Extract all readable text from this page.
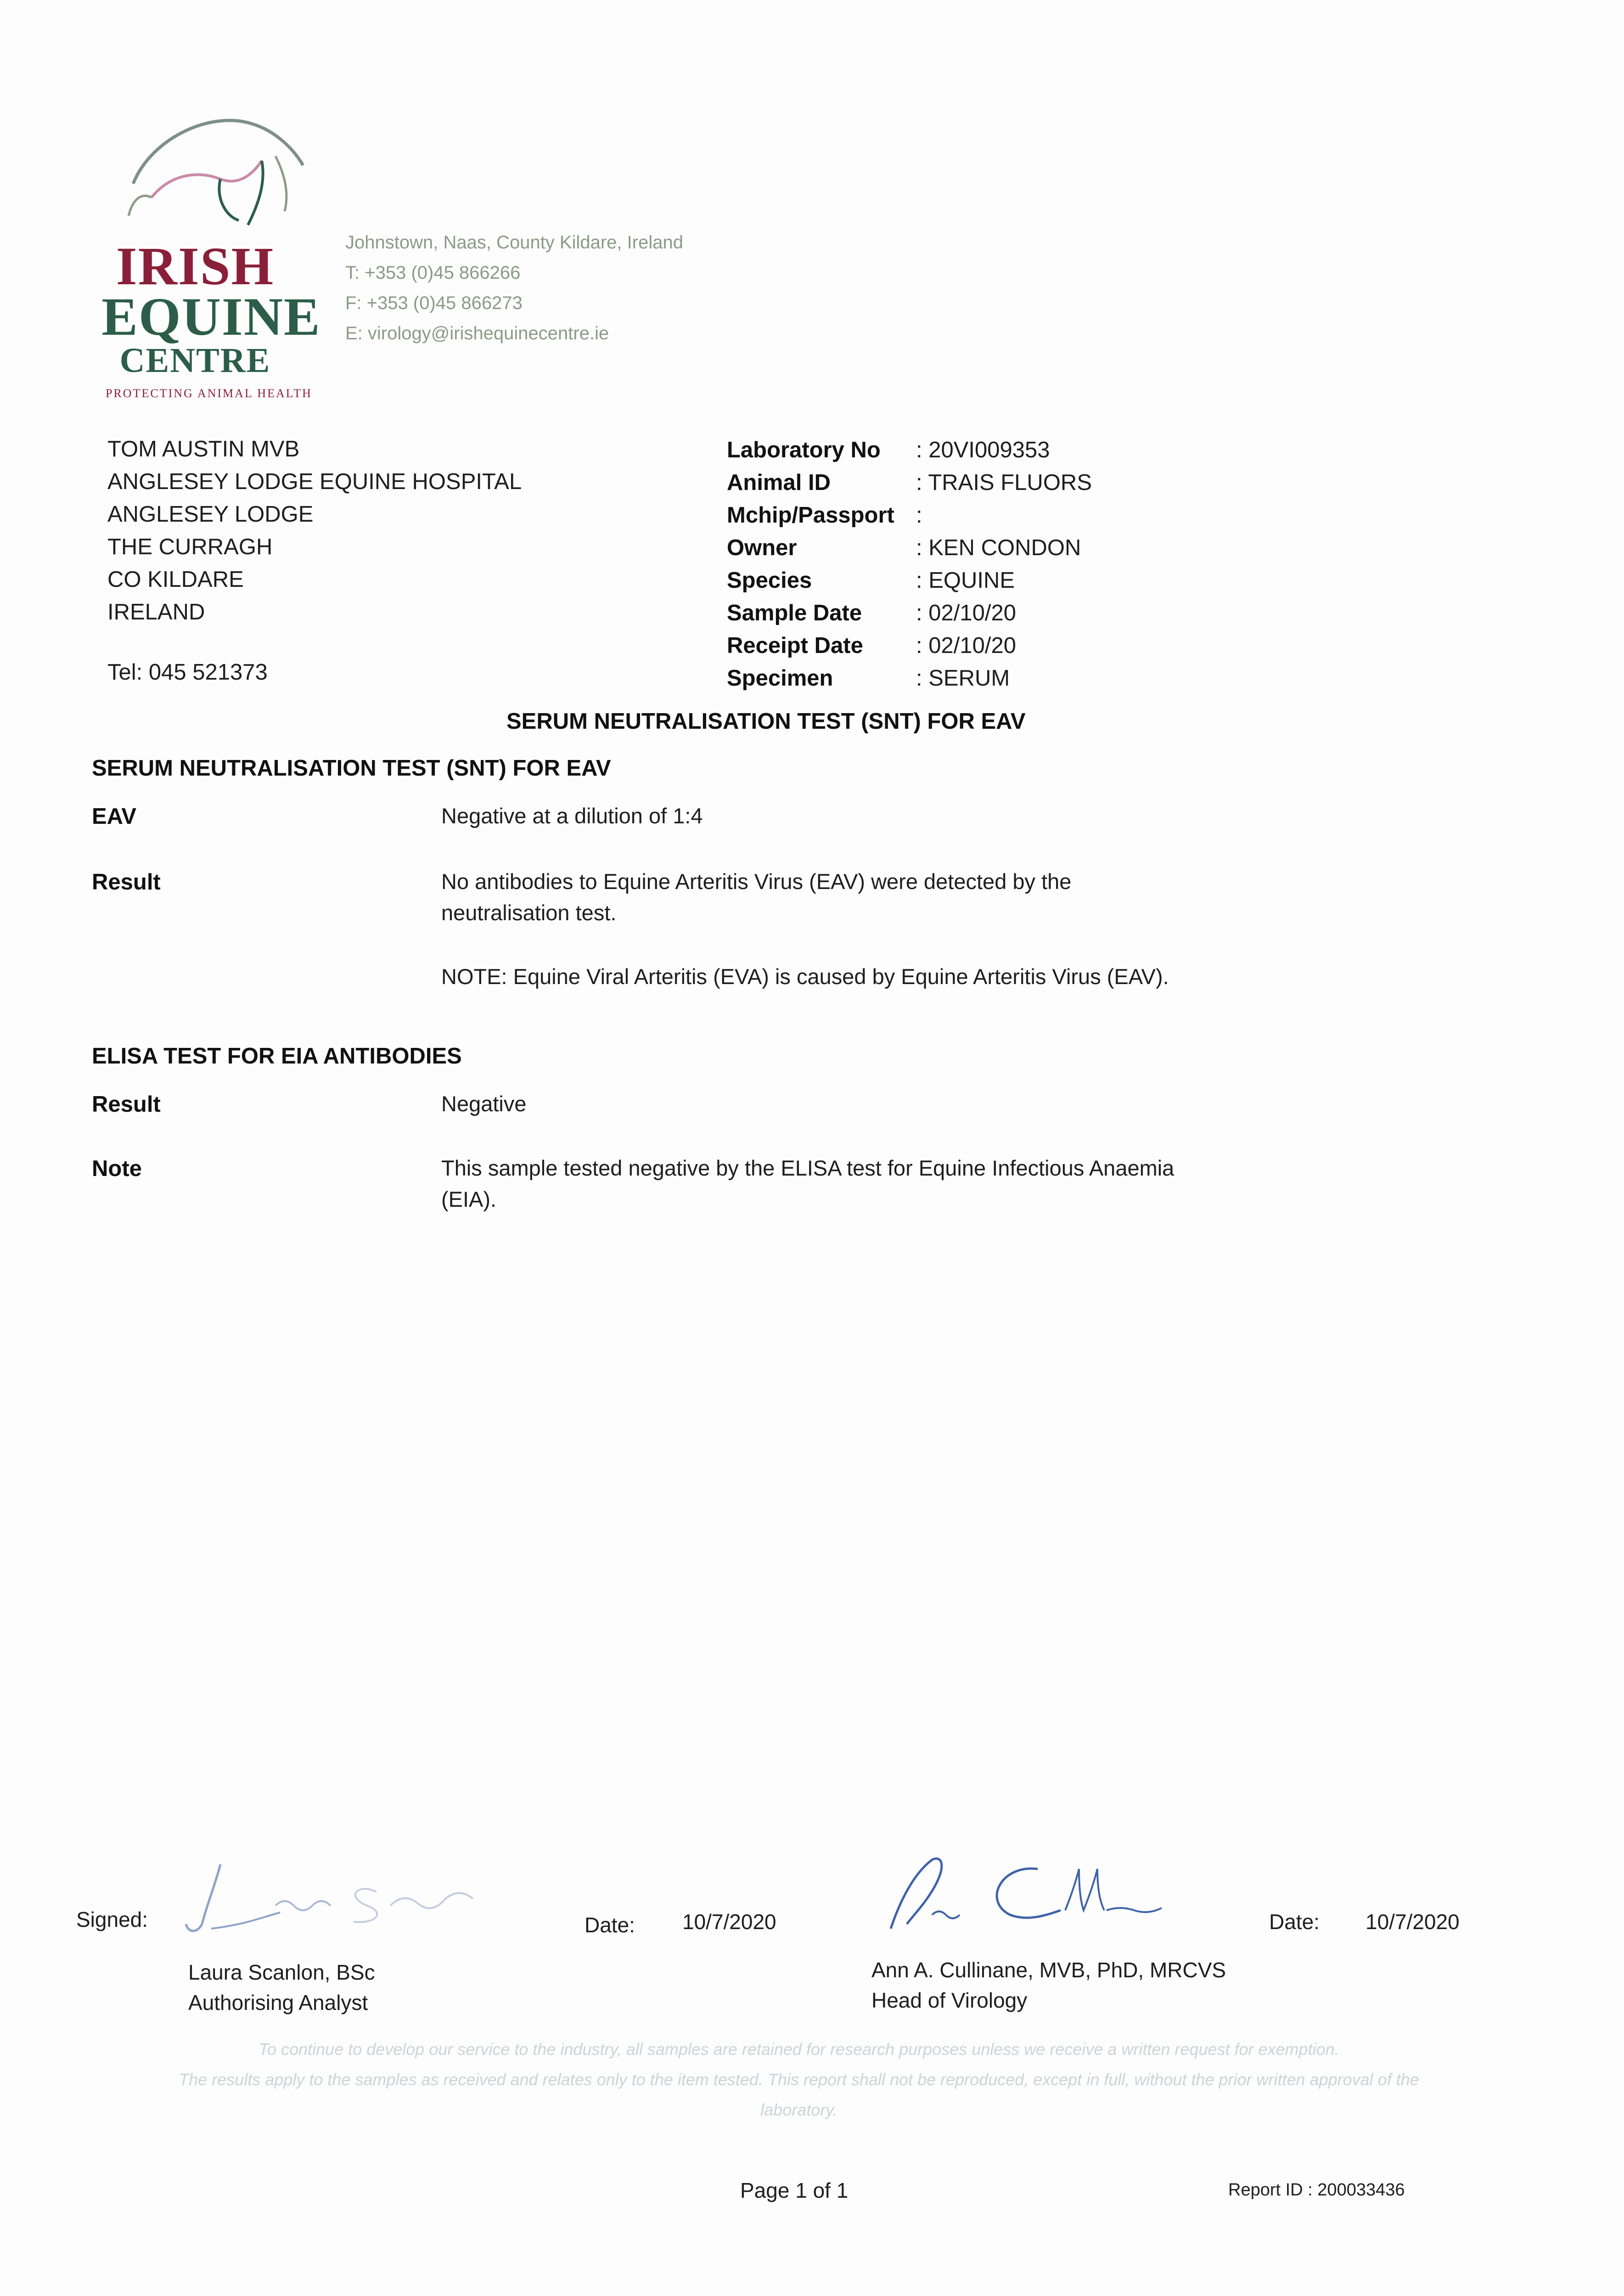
IRISH
EQUINE
CENTRE
PROTECTING ANIMAL HEALTH
Johnstown, Naas, County Kildare, Ireland
T: +353 (0)45 866266
F: +353 (0)45 866273
E: virology@irishequinecentre.ie
TOM AUSTIN MVB
ANGLESEY LODGE EQUINE HOSPITAL
ANGLESEY LODGE
THE CURRAGH
CO KILDARE
IRELAND
Tel: 045 521373
Laboratory No	: 20VI009353
Animal ID	: TRAIS FLUORS
Mchip/Passport :
Owner	: KEN CONDON
Species	: EQUINE
Sample Date	: 02/10/20
Receipt Date	: 02/10/20
Specimen	: SERUM
SERUM NEUTRALISATION TEST (SNT) FOR EAV
SERUM NEUTRALISATION TEST (SNT) FOR EAV
EAV	Negative at a dilution of 1:4
Result	No antibodies to Equine Arteritis Virus (EAV) were detected by the neutralisation test.
NOTE: Equine Viral Arteritis (EVA) is caused by Equine Arteritis Virus (EAV).
ELISA TEST FOR EIA ANTIBODIES
Result	Negative
Note	This sample tested negative by the ELISA test for Equine Infectious Anaemia (EIA).
Signed:	Date: 10/7/2020
Laura Scanlon, BSc
Authorising Analyst
Date: 10/7/2020
Ann A. Cullinane, MVB, PhD, MRCVS
Head of Virology
To continue to develop our service to the industry, all samples are retained for research purposes unless we receive a written request for exemption.
The results apply to the samples as received and relates only to the item tested. This report shall not be reproduced, except in full, without the prior written approval of the laboratory.
Page 1 of 1	Report ID : 200033436
